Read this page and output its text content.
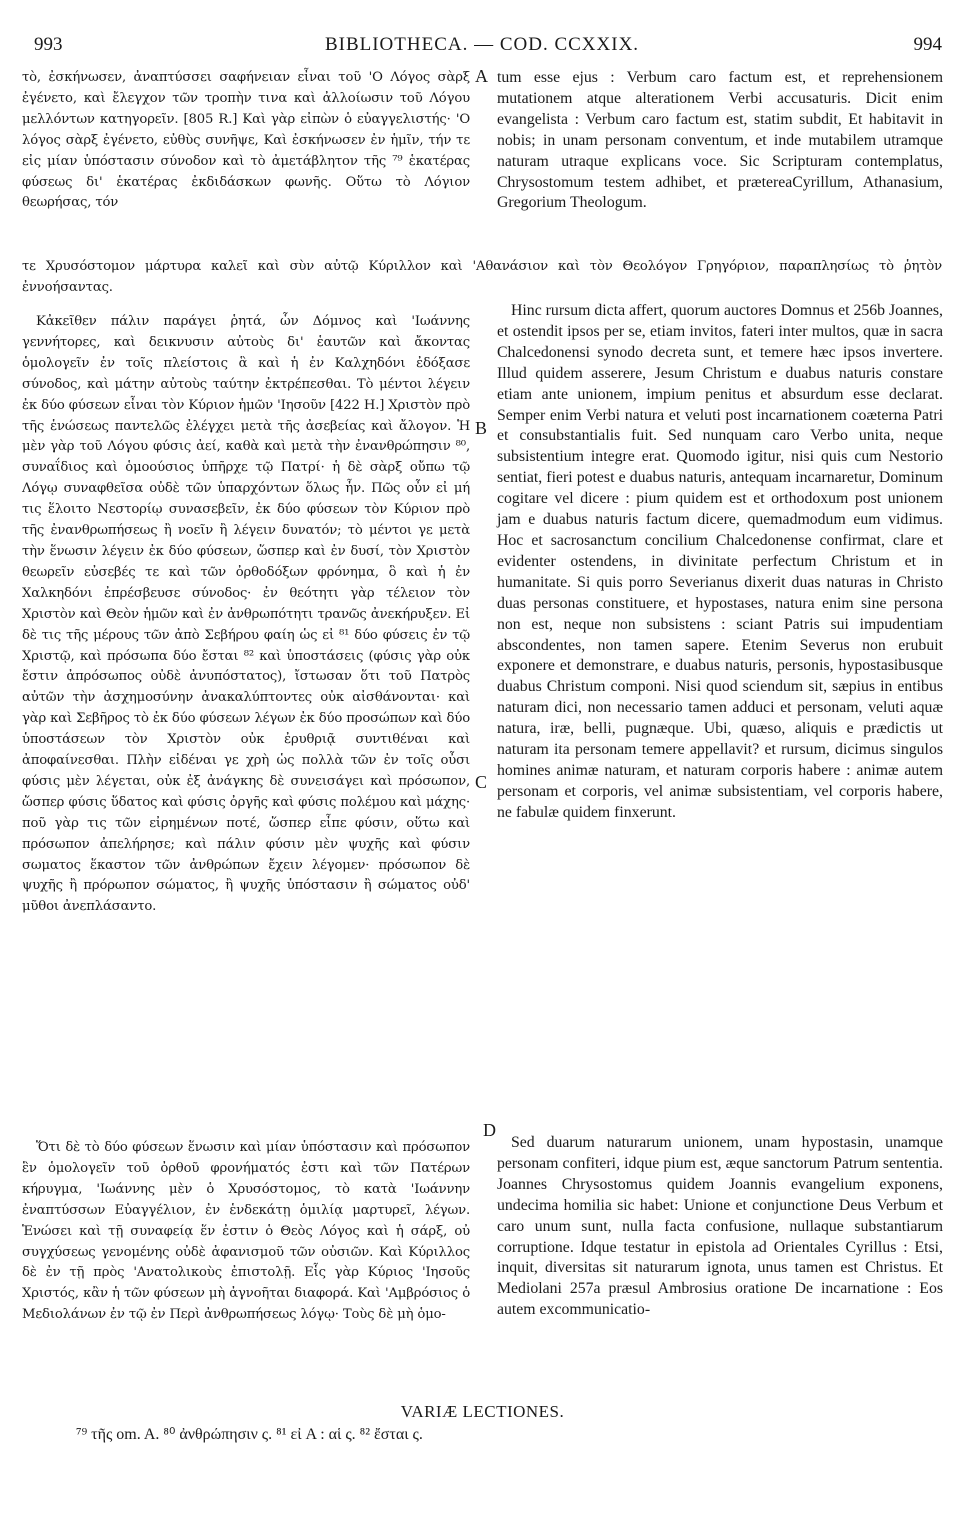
993	BIBLIOTHECA. — COD. CCXXIX.	994

τὸ, ἐσκήνωσεν, ἀναπτύσσει σαφήνειαν εἶναι τοῦ 'Ο Λόγος σὰρξ ἐγένετο, καὶ ἔλεγχον τῶν τροπὴν τινα καὶ ἀλλοίωσιν τοῦ Λόγου μελλόντων κατηγορεῖν. [805 R.] Καὶ γὰρ εἰπὼν ὁ εὐαγγελιστής· 'Ο λόγος σὰρξ ἐγένετο, εὐθὺς συνῆψε, Καὶ ἐσκήνωσεν ἐν ἡμῖν, τήν τε εἰς μίαν ὑπόστασιν σύνοδον καὶ τὸ ἀμετάβλητον τῆς ⁷⁹ ἑκατέρας φύσεως δι' ἑκατέρας ἐκδιδάσκων φωνῆς. Οὕτω τὸ Λόγιον θεωρήσας, τόν

τε Χρυσόστομον μάρτυρα καλεῖ καὶ σὺν αὐτῷ Κύριλλον καὶ 'Αθανάσιον καὶ τὸν Θεολόγον Γρηγόριον, παραπλησίως τὸ ῥητὸν ἐννοήσαντας.

Κἀκεῖθεν πάλιν παράγει ῥητά, ὧν Δόμνος καὶ 'Ιωάννης γεννήτορες, καὶ δεικνυσιν αὐτοὺς δι' ἑαυτῶν καὶ ἄκοντας ὁμολογεῖν ἐν τοῖς πλείστοις ἃ καὶ ἡ ἐν Καλχηδόνι ἐδόξασε σύνοδος, καὶ μάτην αὐτοὺς ταύτην ἐκτρέπεσθαι. Τὸ μέντοι λέγειν ἐκ δύο φύσεων εἶναι τὸν Κύριον ἡμῶν 'Ιησοῦν [422 H.] Χριστὸν πρὸ τῆς ἑνώσεως παντελῶς ἐλέγχει μετὰ τῆς ἀσεβείας καὶ ἄλογον. Ἡ μὲν γὰρ τοῦ Λόγου φύσις ἀεί, καθὰ καὶ μετὰ τὴν ἐνανθρώπησιν ⁸⁰, συναΐδιος καὶ ὁμοούσιος ὑπῆρχε τῷ Πατρί· ἡ δὲ σὰρξ οὔπω τῷ Λόγῳ συναφθεῖσα οὐδὲ τῶν ὑπαρχόντων ὅλως ἦν. Πῶς οὖν εἰ μή τις ἕλοιτο Νεστορίῳ συνασεβεῖν, ἐκ δύο φύσεων τὸν Κύριον πρὸ τῆς ἐνανθρωπήσεως ἢ νοεῖν ἢ λέγειν δυνατόν; τὸ μέντοι γε μετὰ τὴν ἕνωσιν λέγειν ἐκ δύο φύσεων, ὥσπερ καὶ ἐν δυσί, τὸν Χριστὸν θεωρεῖν εὐσεβές τε καὶ τῶν ὀρθοδόξων φρόνημα, ὃ καὶ ἡ ἐν Χαλκηδόνι ἐπρέσβευσε σύνοδος· ἐν θεότητι γὰρ τέλειον τὸν Χριστὸν καὶ Θεὸν ἡμῶν καὶ ἐν ἀνθρωπότητι τρανῶς ἀνεκήρυξεν. Εἰ δὲ τις τῆς μέρους τῶν ἀπὸ Σεβήρου φαίη ὡς εἰ ⁸¹ δύο φύσεις ἐν τῷ Χριστῷ, καὶ πρόσωπα δύο ἔσται ⁸² καὶ ὑποστάσεις (φύσις γὰρ οὐκ ἔστιν ἀπρόσωπος οὐδὲ ἀνυπόστατος), ἴστωσαν ὅτι τοῦ Πατρὸς αὐτῶν τὴν ἀσχημοσύνην ἀνακαλύπτοντες οὐκ αἰσθάνονται· καὶ γὰρ καὶ Σεβῆρος τὸ ἐκ δύο φύσεων λέγων ἐκ δύο προσώπων καὶ δύο ὑποστάσεων τὸν Χριστὸν οὐκ ἐρυθριᾷ συντιθέναι καὶ ἀποφαίνεσθαι. Πλὴν εἰδέναι γε χρὴ ὡς πολλὰ τῶν ἐν τοῖς οὖσι φύσις μὲν λέγεται, οὐκ ἐξ ἀνάγκης δὲ συνεισάγει καὶ πρόσωπον, ὥσπερ φύσις ὕδατος καὶ φύσις ὀργῆς καὶ φύσις πολέμου καὶ μάχης· ποῦ γὰρ τις τῶν εἰρημένων ποτέ, ὥσπερ εἶπε φύσιν, οὕτω καὶ πρόσωπον ἀπελήρησε; καὶ πάλιν φύσιν μὲν ψυχῆς καὶ φύσιν σωματος ἕκαστον τῶν ἀνθρώπων ἔχειν λέγομεν· πρόσωπον δὲ ψυχῆς ἢ πρόρωπον σώματος, ἢ ψυχῆς ὑπόστασιν ἢ σώματος οὐδ' μῦθοι ἀνεπλάσαντο.

Ὅτι δὲ τὸ δύο φύσεων ἕνωσιν καὶ μίαν ὑπόστασιν καὶ πρόσωπον ἓν ὁμολογεῖν τοῦ ὀρθοῦ φρονήματός ἐστι καὶ τῶν Πατέρων κήρυγμα, 'Ιωάννης μὲν ὁ Χρυσόστομος, τὸ κατὰ 'Ιωάννην ἐναπτύσσων Εὐαγγέλιον, ἐν ἑνδεκάτῃ ὁμιλίᾳ μαρτυρεῖ, λέγων. Ἑνώσει καὶ τῇ συναφείᾳ ἕν ἐστιν ὁ Θεὸς Λόγος καὶ ἡ σάρξ, οὐ συγχύσεως γενομένης οὐδὲ ἀφανισμοῦ τῶν οὐσιῶν. Καὶ Κύριλλος δὲ ἐν τῇ πρὸς 'Ανατολικοὺς ἐπιστολῇ. Εἷς γὰρ Κύριος 'Ιησοῦς Χριστός, κἂν ἡ τῶν φύσεων μὴ ἀγνοῆται διαφορά. Καὶ 'Αμβρόσιος ὁ Μεδιολάνων ἐν τῷ ἐν Περὶ ἀνθρωπήσεως λόγῳ· Τοὺς δὲ μὴ ὁμο-

A
B
C
D

tum esse ejus : Verbum caro factum est, et reprehensionem mutationem atque alterationem Verbi accusaturis. Dicit enim evangelista : Verbum caro factum est, statim subdit, Et habitavit in nobis; in unam personam conventum, et inde mutabilem utramque naturam utraque explicans voce. Sic Scripturam contemplatus, Chrysostomum testem adhibet, et prætereaCyrillum, Athanasium, Gregorium Theologum.

Hinc rursum dicta affert, quorum auctores Domnus et 256b Joannes, et ostendit ipsos per se, etiam invitos, fateri inter multos, quæ in sacra Chalcedonensi synodo decreta sunt, et temere hæc ipsos invertere. Illud quidem asserere, Jesum Christum e duabus naturis constare etiam ante unionem, impium penitus et absurdum esse declarat. Semper enim Verbi natura et veluti post incarnationem coæterna Patri et consubstantialis fuit. Sed nunquam caro Verbo unita, neque subsistentium integre erat. Quomodo igitur, nisi quis cum Nestorio sentiat, fieri potest e duabus naturis, antequam incarnaretur, Dominum cogitare vel dicere : pium quidem est et orthodoxum post unionem jam e duabus naturis factum dicere, quemadmodum eum vidimus. Hoc et sacrosanctum concilium Chalcedonense confirmat, clare et evidenter ostendens, in divinitate perfectum Christum et in humanitate. Si quis porro Severianus dixerit duas naturas in Christo duas personas constituere, et hypostases, natura enim sine persona non est, neque non subsistens : sciant Patris sui impudentiam abscondentes, non tamen sapere. Etenim Severus non erubuit exponere et demonstrare, e duabus naturis, personis, hypostasibusque duabus Christum componi. Nisi quod sciendum sit, sæpius in entibus naturam dici, non necessario tamen adduci et personam, veluti aquæ natura, iræ, belli, pugnæque. Ubi, quæso, aliquis e prædictis ut naturam ita personam temere appellavit? et rursum, dicimus singulos homines animæ naturam, et naturam corporis habere : animæ autem personam et corporis, vel animæ subsistentiam, vel corporis habere, ne fabulæ quidem finxerunt.

Sed duarum naturarum unionem, unam hypostasin, unamque personam confiteri, idque pium est, æque sanctorum Patrum sententia. Joannes Chrysostomus quidem Joannis evangelium exponens, undecima homilia sic habet: Unione et conjunctione Deus Verbum et caro unum sunt, nulla facta confusione, nullaque substantiarum corruptione. Idque testatur in epistola ad Orientales Cyrillus : Etsi, inquit, diversitas sit naturarum ignota, unus tamen est Christus. Et Mediolani 257a præsul Ambrosius oratione De incarnatione : Eos autem excommunicatio-

VARIÆ LECTIONES.
⁷⁹ τῆς om. A. ⁸⁰ ἀνθρώπησιν ς. ⁸¹ εἰ A : αἱ ς. ⁸² ἔσται ς.
